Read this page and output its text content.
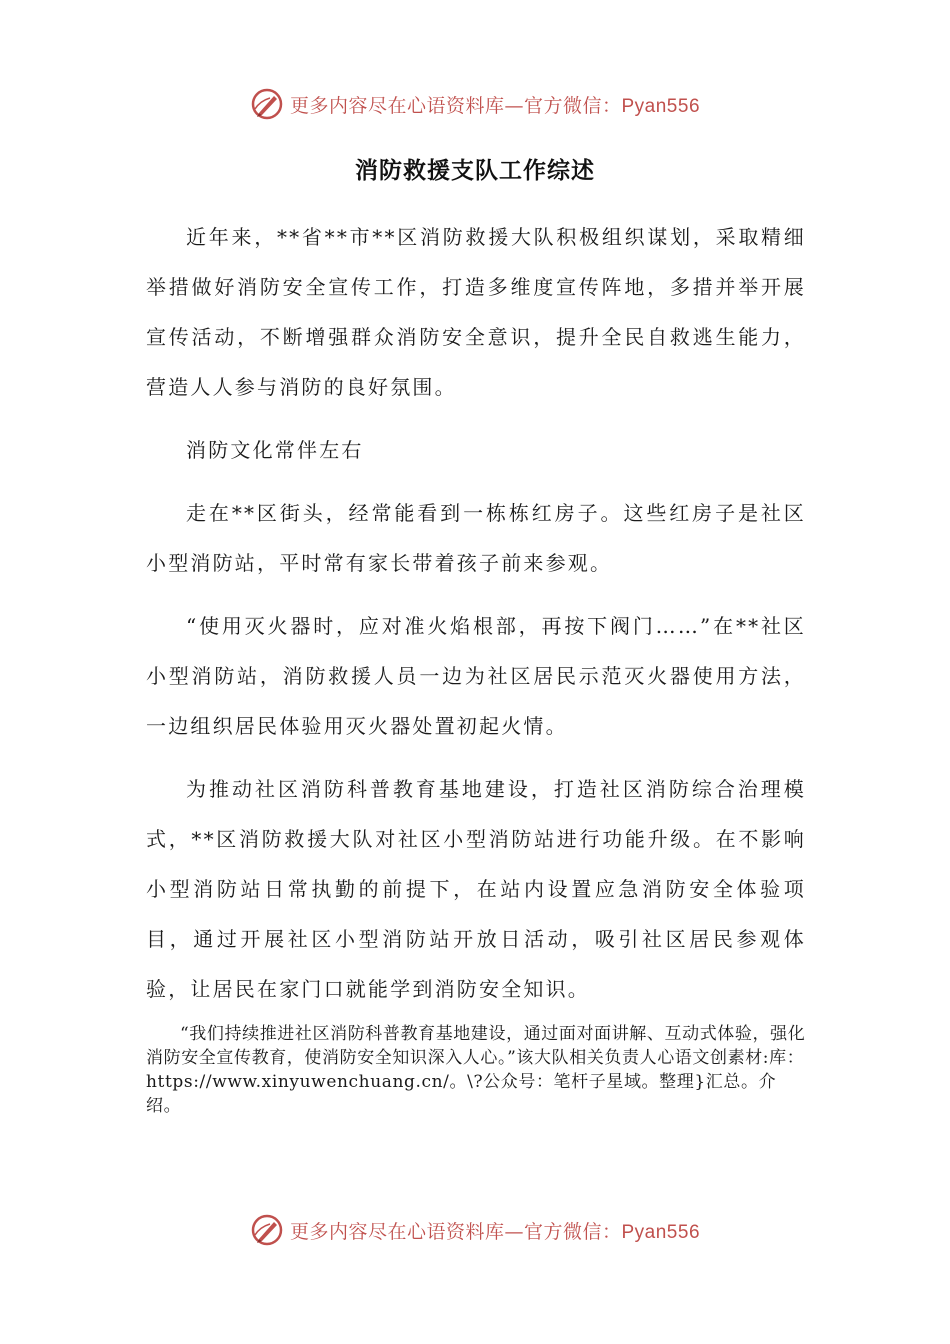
更多内容尽在心语资料库—官方微信：Pyan556
消防救援支队工作综述

近年来，**省**市**区消防救援大队积极组织谋划，采取精细举措做好消防安全宣传工作，打造多维度宣传阵地，多措并举开展宣传活动，不断增强群众消防安全意识，提升全民自救逃生能力，营造人人参与消防的良好氛围。

消防文化常伴左右

走在**区街头，经常能看到一栋栋红房子。这些红房子是社区小型消防站，平时常有家长带着孩子前来参观。

“使用灭火器时，应对准火焰根部，再按下阀门……”在**社区小型消防站，消防救援人员一边为社区居民示范灭火器使用方法，一边组织居民体验用灭火器处置初起火情。

为推动社区消防科普教育基地建设，打造社区消防综合治理模式，**区消防救援大队对社区小型消防站进行功能升级。在不影响小型消防站日常执勤的前提下，在站内设置应急消防安全体验项目，通过开展社区小型消防站开放日活动，吸引社区居民参观体验，让居民在家门口就能学到消防安全知识。

“我们持续推进社区消防科普教育基地建设，通过面对面讲解、互动式体验，强化消防安全宣传教育，使消防安全知识深入人心。”该大队相关负责人心语文创素材:库：https://www.xinyuwenchuang.cn/。\?公众号：笔杆子星域。整理}汇总。介绍。

更多内容尽在心语资料库—官方微信：Pyan556
